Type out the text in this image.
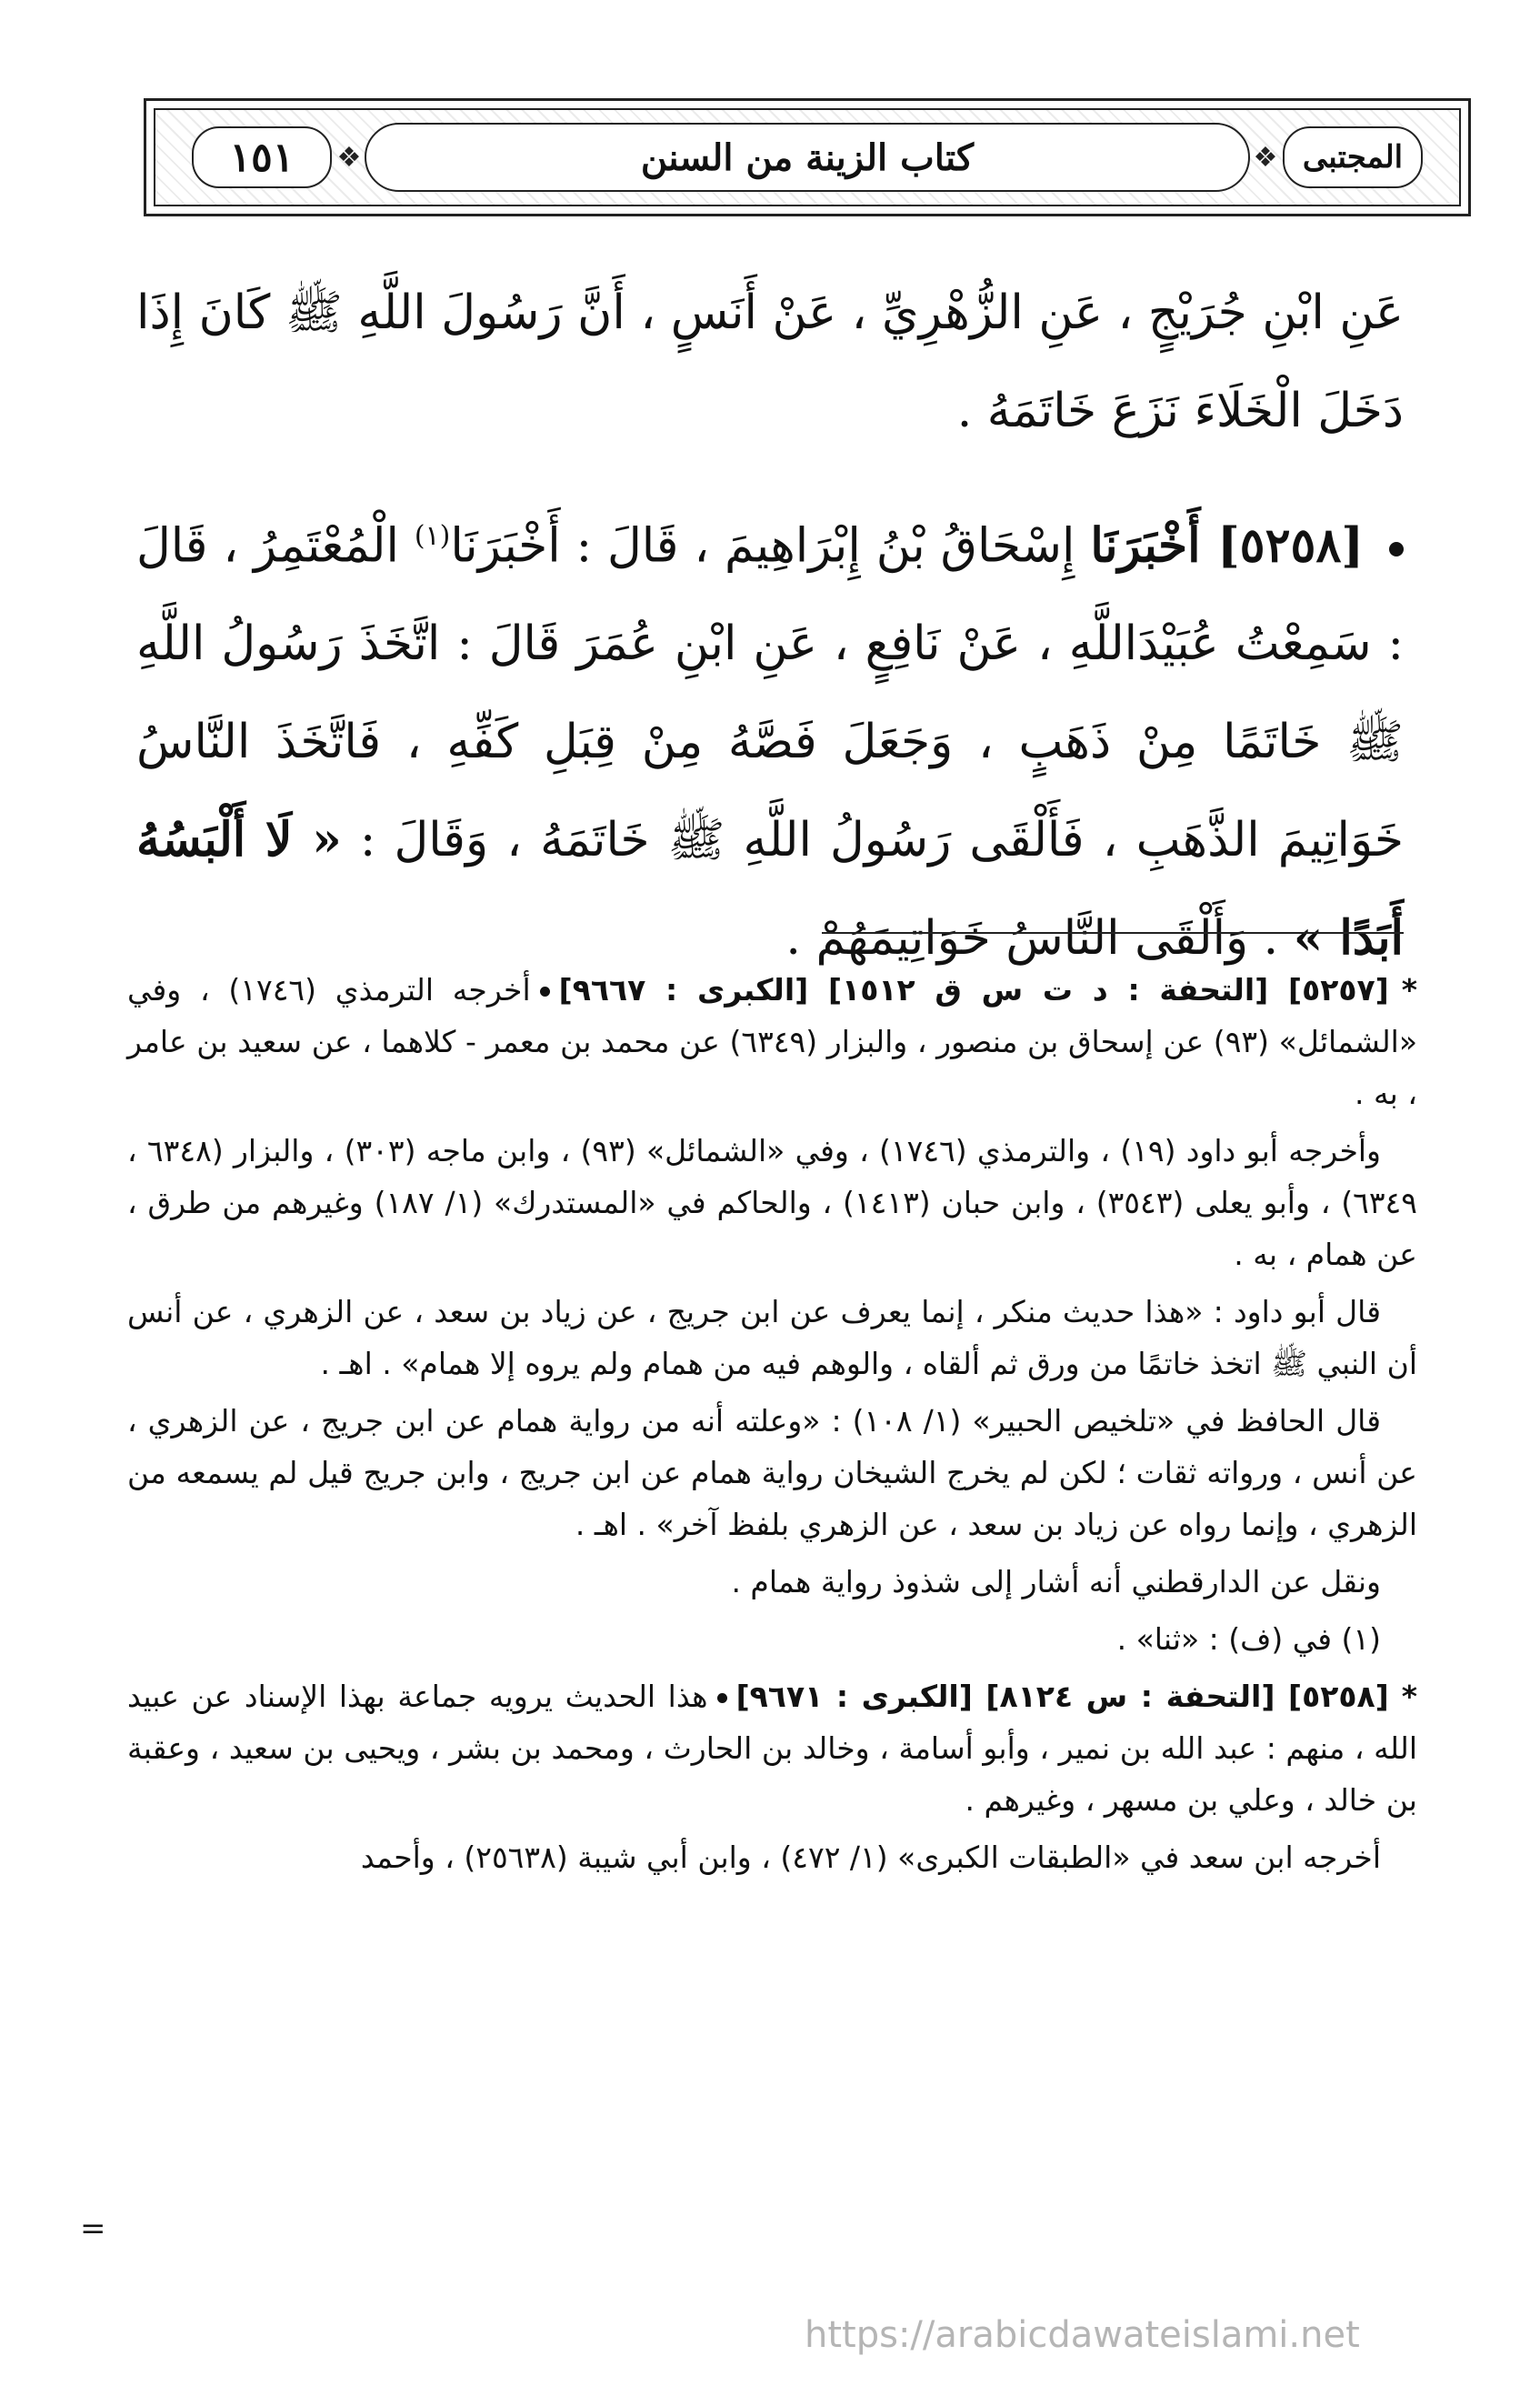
١٥١ ❖	كتاب الزينة من السنن	❖ المجتبى

عَنِ ابْنِ جُرَيْجٍ ، عَنِ الزُّهْرِيِّ ، عَنْ أَنَسٍ ، أَنَّ رَسُولَ اللَّهِ ﷺ كَانَ إِذَا دَخَلَ الْخَلَاءَ نَزَعَ خَاتَمَهُ .

[٥٢٥٨] أَخْبَرَنَا إِسْحَاقُ بْنُ إِبْرَاهِيمَ ، قَالَ : أَخْبَرَنَا$^{(١)}$ الْمُعْتَمِرُ ، قَالَ : سَمِعْتُ عُبَيْدَاللَّهِ ، عَنْ نَافِعٍ ، عَنِ ابْنِ عُمَرَ قَالَ : اتَّخَذَ رَسُولُ اللَّهِ ﷺ خَاتَمًا مِنْ ذَهَبٍ ، وَجَعَلَ فَصَّهُ مِنْ قِبَلِ كَفِّهِ ، فَاتَّخَذَ النَّاسُ خَوَاتِيمَ الذَّهَبِ ، فَأَلْقَى رَسُولُ اللَّهِ ﷺ خَاتَمَهُ ، وَقَالَ : « لَا أَلْبَسُهُ أَبَدًا » . وَأَلْقَى النَّاسُ خَوَاتِيمَهُمْ .

*[٥٢٥٧] [التحفة : د ت س ق ١٥١٢] [الكبرى : ٩٦٦٧]أخرجه الترمذي (١٧٤٦) ، وفي «الشمائل» (٩٣) عن إسحاق بن منصور ، والبزار (٦٣٤٩) عن محمد بن معمر - كلاهما ، عن سعيد بن عامر ، به .

وأخرجه أبو داود (١٩) ، والترمذي (١٧٤٦) ، وفي «الشمائل» (٩٣) ، وابن ماجه (٣٠٣) ، والبزار (٦٣٤٨ ، ٦٣٤٩) ، وأبو يعلى (٣٥٤٣) ، وابن حبان (١٤١٣) ، والحاكم في «المستدرك» (١/ ١٨٧) وغيرهم من طرق ، عن همام ، به .

قال أبو داود : «هذا حديث منكر ، إنما يعرف عن ابن جريج ، عن زياد بن سعد ، عن الزهري ، عن أنس أن النبي ﷺ اتخذ خاتمًا من ورق ثم ألقاه ، والوهم فيه من همام ولم يروه إلا همام» . اهـ .

قال الحافظ في «تلخيص الحبير» (١/ ١٠٨) : «وعلته أنه من رواية همام عن ابن جريج ، عن الزهري ، عن أنس ، ورواته ثقات ؛ لكن لم يخرج الشيخان رواية همام عن ابن جريج ، وابن جريج قيل لم يسمعه من الزهري ، وإنما رواه عن زياد بن سعد ، عن الزهري بلفظ آخر» . اهـ .

ونقل عن الدارقطني أنه أشار إلى شذوذ رواية همام .

(١) في (ف) : «ثنا» .

*[٥٢٥٨] [التحفة : س ٨١٢٤] [الكبرى : ٩٦٧١]هذا الحديث يرويه جماعة بهذا الإسناد عن عبيد الله ، منهم : عبد الله بن نمير ، وأبو أسامة ، وخالد بن الحارث ، ومحمد بن بشر ، ويحيى بن سعيد ، وعقبة بن خالد ، وعلي بن مسهر ، وغيرهم .

أخرجه ابن سعد في «الطبقات الكبرى» (١/ ٤٧٢) ، وابن أبي شيبة (٢٥٦٣٨) ، وأحمد

=
https://arabicdawateislami.net
